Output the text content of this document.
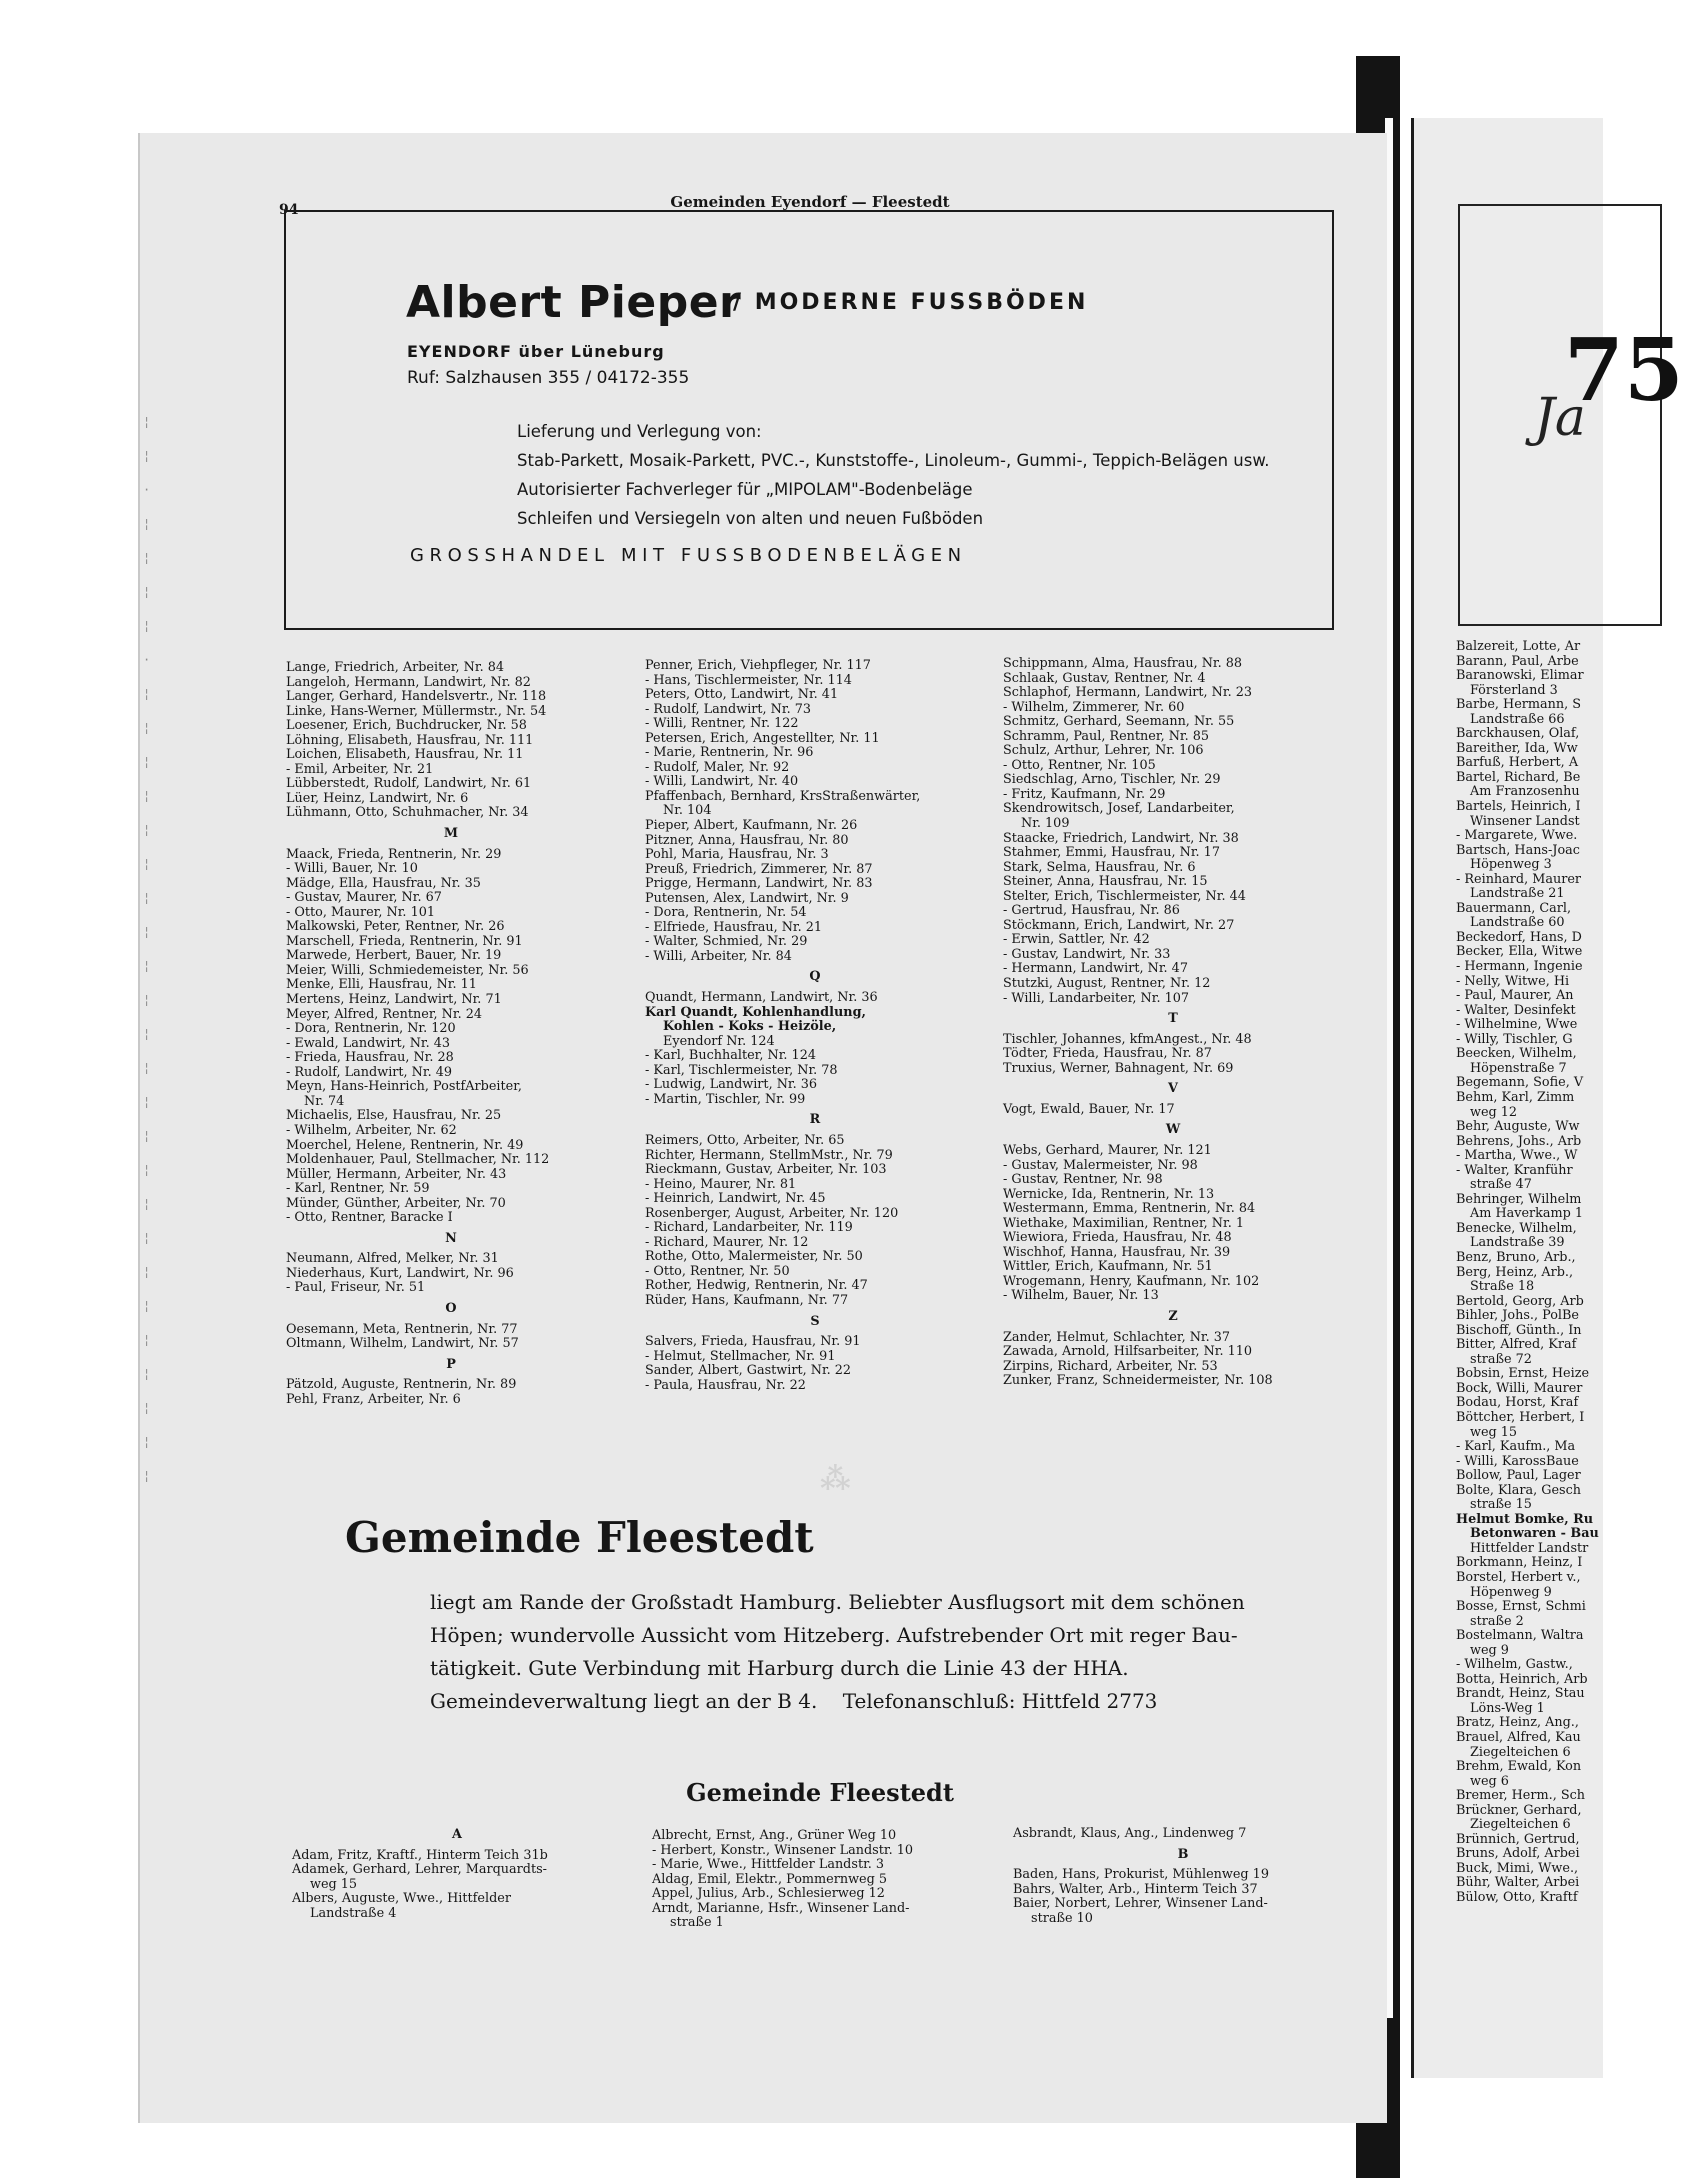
75
Ja
Balzereit, Lotte, Ar
Barann, Paul, Arbe
Baranowski, Elimar
Försterland 3
Barbe, Hermann, S
Landstraße 66
Barckhausen, Olaf,
Bareither, Ida, Ww
Barfuß, Herbert, A
Bartel, Richard, Be
Am Franzosenhu
Bartels, Heinrich, I
Winsener Landst
- Margarete, Wwe.
Bartsch, Hans-Joac
Höpenweg 3
- Reinhard, Maurer
Landstraße 21
Bauermann, Carl,
Landstraße 60
Beckedorf, Hans, D
Becker, Ella, Witwe
- Hermann, Ingenie
- Nelly, Witwe, Hi
- Paul, Maurer, An
- Walter, Desinfekt
- Wilhelmine, Wwe
- Willy, Tischler, G
Beecken, Wilhelm,
Höpenstraße 7
Begemann, Sofie, V
Behm, Karl, Zimm
weg 12
Behr, Auguste, Ww
Behrens, Johs., Arb
- Martha, Wwe., W
- Walter, Kranführ
straße 47
Behringer, Wilhelm
Am Haverkamp 1
Benecke, Wilhelm,
Landstraße 39
Benz, Bruno, Arb.,
Berg, Heinz, Arb.,
Straße 18
Bertold, Georg, Arb
Bihler, Johs., PolBe
Bischoff, Günth., In
Bitter, Alfred, Kraf
straße 72
Bobsin, Ernst, Heize
Bock, Willi, Maurer
Bodau, Horst, Kraf
Böttcher, Herbert, I
weg 15
- Karl, Kaufm., Ma
- Willi, KarossBaue
Bollow, Paul, Lager
Bolte, Klara, Gesch
straße 15
Helmut Bomke, Ru
Betonwaren - Bau
Hittfelder Landstr
Borkmann, Heinz, I
Borstel, Herbert v.,
Höpenweg 9
Bosse, Ernst, Schmi
straße 2
Bostelmann, Waltra
weg 9
- Wilhelm, Gastw.,
Botta, Heinrich, Arb
Brandt, Heinz, Stau
Löns-Weg 1
Bratz, Heinz, Ang.,
Brauel, Alfred, Kau
Ziegelteichen 6
Brehm, Ewald, Kon
weg 6
Bremer, Herm., Sch
Brückner, Gerhard,
Ziegelteichen 6
Brünnich, Gertrud,
Bruns, Adolf, Arbei
Buck, Mimi, Wwe.,
Bühr, Walter, Arbei
Bülow, Otto, Kraftf
¦
¦
·
¦
¦
¦
¦
·
¦
¦
¦
¦
¦
¦
¦
¦
¦
¦
¦
¦
¦
¦
¦
¦
¦
¦
¦
¦
¦
¦
¦
¦
94	Gemeinden Eyendorf — Fleestedt
Albert Pieper
/ MODERNE FUSSBÖDEN
EYENDORF über Lüneburg
Ruf: Salzhausen 355 / 04172-355
Lieferung und Verlegung von:
Stab-Parkett, Mosaik-Parkett, PVC.-, Kunststoffe-, Linoleum-, Gummi-, Teppich-Belägen usw.
Autorisierter Fachverleger für „MIPOLAM"-Bodenbeläge
Schleifen und Versiegeln von alten und neuen Fußböden
GROSSHANDEL MIT FUSSBODENBELÄGEN
Lange, Friedrich, Arbeiter, Nr. 84
Langeloh, Hermann, Landwirt, Nr. 82
Langer, Gerhard, Handelsvertr., Nr. 118
Linke, Hans-Werner, Müllermstr., Nr. 54
Loesener, Erich, Buchdrucker, Nr. 58
Löhning, Elisabeth, Hausfrau, Nr. 111
Loichen, Elisabeth, Hausfrau, Nr. 11
- Emil, Arbeiter, Nr. 21
Lübberstedt, Rudolf, Landwirt, Nr. 61
Lüer, Heinz, Landwirt, Nr. 6
Lühmann, Otto, Schuhmacher, Nr. 34
M
Maack, Frieda, Rentnerin, Nr. 29
- Willi, Bauer, Nr. 10
Mädge, Ella, Hausfrau, Nr. 35
- Gustav, Maurer, Nr. 67
- Otto, Maurer, Nr. 101
Malkowski, Peter, Rentner, Nr. 26
Marschell, Frieda, Rentnerin, Nr. 91
Marwede, Herbert, Bauer, Nr. 19
Meier, Willi, Schmiedemeister, Nr. 56
Menke, Elli, Hausfrau, Nr. 11
Mertens, Heinz, Landwirt, Nr. 71
Meyer, Alfred, Rentner, Nr. 24
- Dora, Rentnerin, Nr. 120
- Ewald, Landwirt, Nr. 43
- Frieda, Hausfrau, Nr. 28
- Rudolf, Landwirt, Nr. 49
Meyn, Hans-Heinrich, PostfArbeiter,
Nr. 74
Michaelis, Else, Hausfrau, Nr. 25
- Wilhelm, Arbeiter, Nr. 62
Moerchel, Helene, Rentnerin, Nr. 49
Moldenhauer, Paul, Stellmacher, Nr. 112
Müller, Hermann, Arbeiter, Nr. 43
- Karl, Rentner, Nr. 59
Münder, Günther, Arbeiter, Nr. 70
- Otto, Rentner, Baracke I
N
Neumann, Alfred, Melker, Nr. 31
Niederhaus, Kurt, Landwirt, Nr. 96
- Paul, Friseur, Nr. 51
O
Oesemann, Meta, Rentnerin, Nr. 77
Oltmann, Wilhelm, Landwirt, Nr. 57
P
Pätzold, Auguste, Rentnerin, Nr. 89
Pehl, Franz, Arbeiter, Nr. 6
Penner, Erich, Viehpfleger, Nr. 117
- Hans, Tischlermeister, Nr. 114
Peters, Otto, Landwirt, Nr. 41
- Rudolf, Landwirt, Nr. 73
- Willi, Rentner, Nr. 122
Petersen, Erich, Angestellter, Nr. 11
- Marie, Rentnerin, Nr. 96
- Rudolf, Maler, Nr. 92
- Willi, Landwirt, Nr. 40
Pfaffenbach, Bernhard, KrsStraßenwärter,
Nr. 104
Pieper, Albert, Kaufmann, Nr. 26
Pitzner, Anna, Hausfrau, Nr. 80
Pohl, Maria, Hausfrau, Nr. 3
Preuß, Friedrich, Zimmerer, Nr. 87
Prigge, Hermann, Landwirt, Nr. 83
Putensen, Alex, Landwirt, Nr. 9
- Dora, Rentnerin, Nr. 54
- Elfriede, Hausfrau, Nr. 21
- Walter, Schmied, Nr. 29
- Willi, Arbeiter, Nr. 84
Q
Quandt, Hermann, Landwirt, Nr. 36
Karl Quandt, Kohlenhandlung,
Kohlen - Koks - Heizöle,
Eyendorf Nr. 124
- Karl, Buchhalter, Nr. 124
- Karl, Tischlermeister, Nr. 78
- Ludwig, Landwirt, Nr. 36
- Martin, Tischler, Nr. 99
R
Reimers, Otto, Arbeiter, Nr. 65
Richter, Hermann, StellmMstr., Nr. 79
Rieckmann, Gustav, Arbeiter, Nr. 103
- Heino, Maurer, Nr. 81
- Heinrich, Landwirt, Nr. 45
Rosenberger, August, Arbeiter, Nr. 120
- Richard, Landarbeiter, Nr. 119
- Richard, Maurer, Nr. 12
Rothe, Otto, Malermeister, Nr. 50
- Otto, Rentner, Nr. 50
Rother, Hedwig, Rentnerin, Nr. 47
Rüder, Hans, Kaufmann, Nr. 77
S
Salvers, Frieda, Hausfrau, Nr. 91
- Helmut, Stellmacher, Nr. 91
Sander, Albert, Gastwirt, Nr. 22
- Paula, Hausfrau, Nr. 22
Schippmann, Alma, Hausfrau, Nr. 88
Schlaak, Gustav, Rentner, Nr. 4
Schlaphof, Hermann, Landwirt, Nr. 23
- Wilhelm, Zimmerer, Nr. 60
Schmitz, Gerhard, Seemann, Nr. 55
Schramm, Paul, Rentner, Nr. 85
Schulz, Arthur, Lehrer, Nr. 106
- Otto, Rentner, Nr. 105
Siedschlag, Arno, Tischler, Nr. 29
- Fritz, Kaufmann, Nr. 29
Skendrowitsch, Josef, Landarbeiter,
Nr. 109
Staacke, Friedrich, Landwirt, Nr. 38
Stahmer, Emmi, Hausfrau, Nr. 17
Stark, Selma, Hausfrau, Nr. 6
Steiner, Anna, Hausfrau, Nr. 15
Stelter, Erich, Tischlermeister, Nr. 44
- Gertrud, Hausfrau, Nr. 86
Stöckmann, Erich, Landwirt, Nr. 27
- Erwin, Sattler, Nr. 42
- Gustav, Landwirt, Nr. 33
- Hermann, Landwirt, Nr. 47
Stutzki, August, Rentner, Nr. 12
- Willi, Landarbeiter, Nr. 107
T
Tischler, Johannes, kfmAngest., Nr. 48
Tödter, Frieda, Hausfrau, Nr. 87
Truxius, Werner, Bahnagent, Nr. 69
V
Vogt, Ewald, Bauer, Nr. 17
W
Webs, Gerhard, Maurer, Nr. 121
- Gustav, Malermeister, Nr. 98
- Gustav, Rentner, Nr. 98
Wernicke, Ida, Rentnerin, Nr. 13
Westermann, Emma, Rentnerin, Nr. 84
Wiethake, Maximilian, Rentner, Nr. 1
Wiewiora, Frieda, Hausfrau, Nr. 48
Wischhof, Hanna, Hausfrau, Nr. 39
Wittler, Erich, Kaufmann, Nr. 51
Wrogemann, Henry, Kaufmann, Nr. 102
- Wilhelm, Bauer, Nr. 13
Z
Zander, Helmut, Schlachter, Nr. 37
Zawada, Arnold, Hilfsarbeiter, Nr. 110
Zirpins, Richard, Arbeiter, Nr. 53
Zunker, Franz, Schneidermeister, Nr. 108
⁂
Gemeinde Fleestedt

liegt am Rande der Großstadt Hamburg. Beliebter Ausflugsort mit dem schönen

Höpen; wundervolle Aussicht vom Hitzeberg. Aufstrebender Ort mit reger Bau-

tätigkeit. Gute Verbindung mit Harburg durch die Linie 43 der HHA.

Gemeindeverwaltung liegt an der B 4.    Telefonanschluß: Hittfeld 2773

Gemeinde Fleestedt
A
Adam, Fritz, Kraftf., Hinterm Teich 31b
Adamek, Gerhard, Lehrer, Marquardts-
weg 15
Albers, Auguste, Wwe., Hittfelder
Landstraße 4
Albrecht, Ernst, Ang., Grüner Weg 10
- Herbert, Konstr., Winsener Landstr. 10
- Marie, Wwe., Hittfelder Landstr. 3
Aldag, Emil, Elektr., Pommernweg 5
Appel, Julius, Arb., Schlesierweg 12
Arndt, Marianne, Hsfr., Winsener Land-
straße 1
Asbrandt, Klaus, Ang., Lindenweg 7
B
Baden, Hans, Prokurist, Mühlenweg 19
Bahrs, Walter, Arb., Hinterm Teich 37
Baier, Norbert, Lehrer, Winsener Land-
straße 10
